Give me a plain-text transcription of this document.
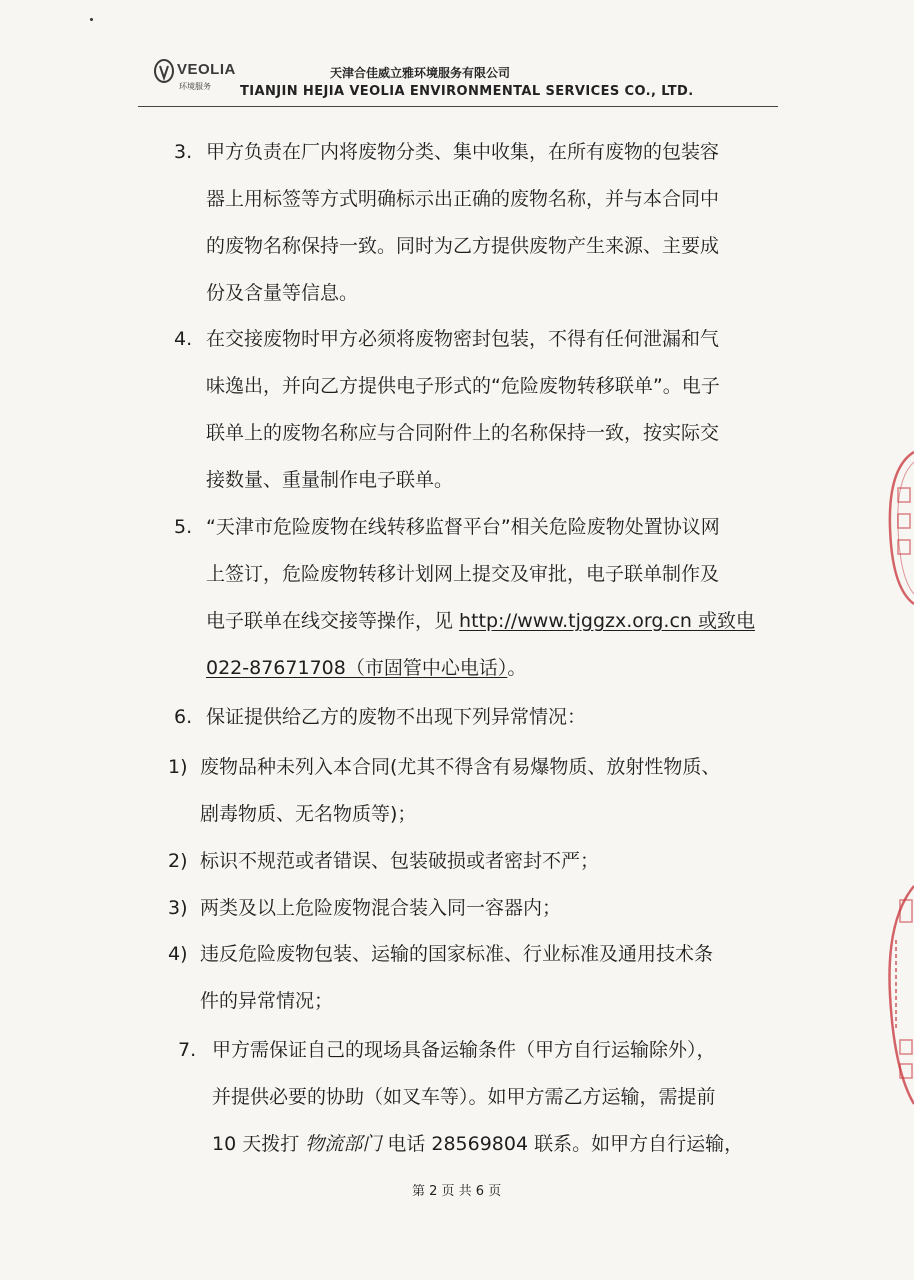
VEOLIA
环境服务
天津合佳威立雅环境服务有限公司
TIANJIN HEJIA VEOLIA ENVIRONMENTAL SERVICES CO., LTD.
3. 甲方负责在厂内将废物分类、集中收集，在所有废物的包装容
器上用标签等方式明确标示出正确的废物名称，并与本合同中
的废物名称保持一致。同时为乙方提供废物产生来源、主要成
份及含量等信息。
4. 在交接废物时甲方必须将废物密封包装，不得有任何泄漏和气
味逸出，并向乙方提供电子形式的“危险废物转移联单”。电子
联单上的废物名称应与合同附件上的名称保持一致，按实际交
接数量、重量制作电子联单。
5. “天津市危险废物在线转移监督平台”相关危险废物处置协议网
上签订，危险废物转移计划网上提交及审批，电子联单制作及
电子联单在线交接等操作，见 http://www.tjggzx.org.cn 或致电
022-87671708（市固管中心电话）。
6. 保证提供给乙方的废物不出现下列异常情况：
1) 废物品种未列入本合同(尤其不得含有易爆物质、放射性物质、
剧毒物质、无名物质等)；
2) 标识不规范或者错误、包装破损或者密封不严；
3) 两类及以上危险废物混合装入同一容器内；
4) 违反危险废物包装、运输的国家标准、行业标准及通用技术条
件的异常情况；
7. 甲方需保证自己的现场具备运输条件（甲方自行运输除外），
并提供必要的协助（如叉车等）。如甲方需乙方运输，需提前
10 天拨打 物流部门 电话 28569804 联系。如甲方自行运输，
第 2 页 共 6 页
